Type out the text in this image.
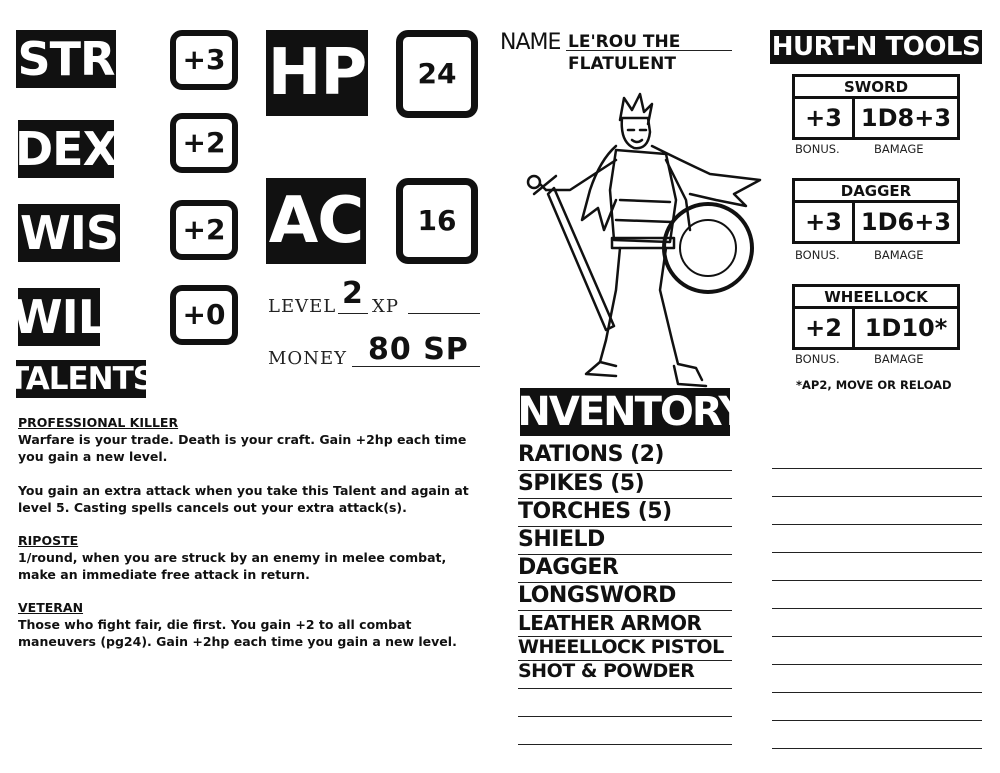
STR	+3
DEX	+2
WIS	+2
WIL	+0
HP	24
AC	16
LEVEL 2 XP
MONEY 80 SP
TALENTS

PROFESSIONAL KILLER

Warfare is your trade. Death is your craft. Gain +2hp each time you gain a new level.

You gain an extra attack when you take this Talent and again at level 5. Casting spells cancels out your extra attack(s).

RIPOSTE

1/round, when you are struck by an enemy in melee combat, make an immediate free attack in return.

VETERAN

Those who fight fair, die first. You gain +2 to all combat maneuvers (pg24). Gain +2hp each time you gain a new level.

NAME LE'ROU THE
FLATULENT
INVENTORY
RATIONS (2)
SPIKES (5)
TORCHES (5)
SHIELD
DAGGER
LONGSWORD
LEATHER ARMOR
WHEELLOCK PISTOL
SHOT & POWDER
HURT-N TOOLS
SWORD
+3 1D8+3
BONUS.	BAMAGE
DAGGER
+3 1D6+3
BONUS.	BAMAGE
WHEELLOCK
+2 1D10*
BONUS.	BAMAGE
*AP2, MOVE OR RELOAD
